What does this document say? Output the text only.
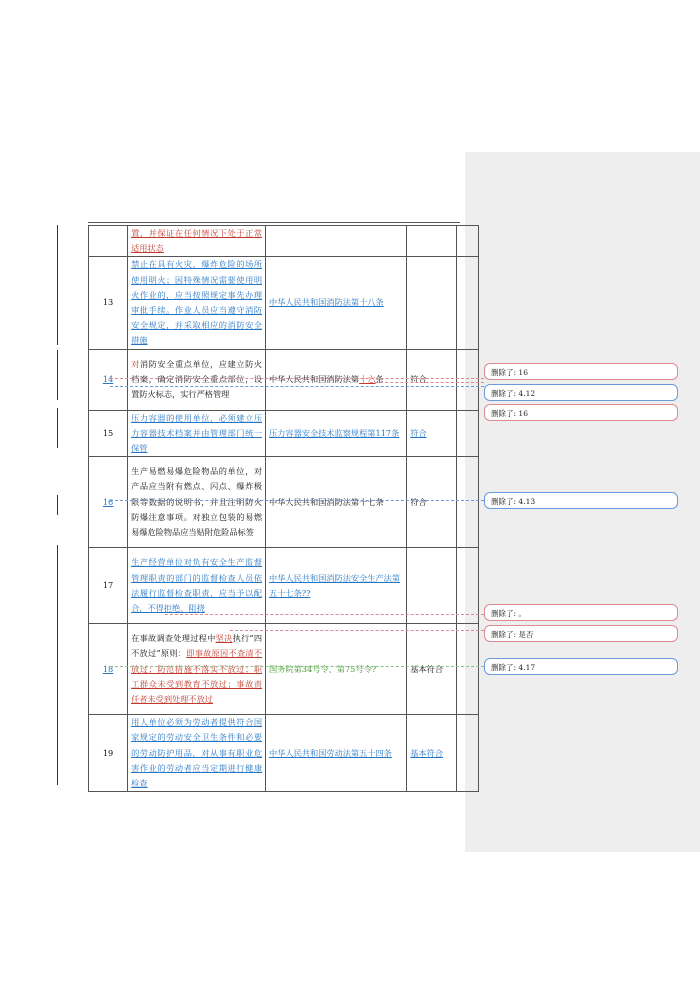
	置，并保证在任何情况下处于正常适用状态			
13	禁止在具有火灾、爆炸危险的场所使用明火；因特殊情况需要使用明火作业的，应当按照规定事先办理审批手续。作业人员应当遵守消防安全规定，并采取相应的消防安全措施	中华人民共和国消防法第十八条		
14	对消防安全重点单位，应建立防火档案，确定消防安全重点部位，设置防火标志，实行严格管理	中华人民共和国消防法第十六条	符合	
15	压力容器的使用单位，必须建立压力容器技术档案并由管理部门统一保管	压力容器安全技术监察规程第117条	符合	
16	生产易燃易爆危险物品的单位，对产品应当附有燃点、闪点、爆炸极限等数据的说明书，并且注明防火防爆注意事项。对独立包装的易燃易爆危险物品应当贴附危险品标签	中华人民共和国消防法第十七条	符合	
17	生产经营单位对负有安全生产监督管理职责的部门的监督检查人员依法履行监督检查职责，应当予以配合，不得拒绝、阻挠	中华人民共和国消防法安全生产法第五十七条??		
18	在事故调查处理过程中坚决执行“四不放过”原则：即事故原因不查清不放过；防范措施不落实不放过；职工群众未受到教育不放过；事故责任者未受到处理不放过	国务院第34号令、第75号令?	基本符合	
19	用人单位必须为劳动者提供符合国家规定的劳动安全卫生条件和必要的劳动防护用品，对从事有职业危害作业的劳动者应当定期进行健康检查	中华人民共和国劳动法第五十四条	基本符合	
删除了: 16
删除了: 4.12
删除了: 16
删除了: 4.13
删除了: 。
删除了: 是否
删除了: 4.17
